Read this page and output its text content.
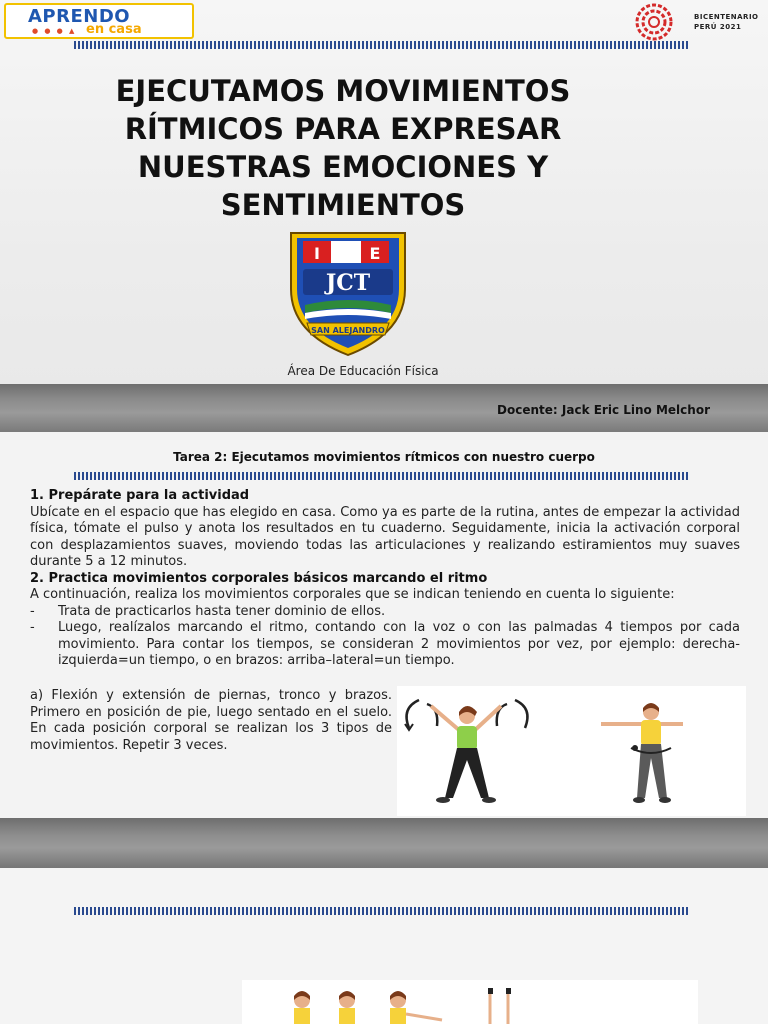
APRENDO
● ● ● ▲ en casa
BICENTENARIO
PERÚ 2021
EJECUTAMOS MOVIMIENTOS RÍTMICOS PARA EXPRESAR NUESTRAS EMOCIONES Y SENTIMIENTOS
I	E
JCT
SAN ALEJANDRO
Área De Educación Física
Docente: Jack Eric Lino Melchor
Tarea 2: Ejecutamos movimientos rítmicos con nuestro cuerpo

1. Prepárate para la actividad

Ubícate en el espacio que has elegido en casa. Como ya es parte de la rutina, antes de empezar la actividad física, tómate el pulso y anota los resultados en tu cuaderno. Seguidamente, inicia la activación corporal con desplazamientos suaves, moviendo todas las articulaciones y realizando estiramientos muy suaves durante 5 a 12 minutos.

2. Practica movimientos corporales básicos marcando el ritmo

A continuación, realiza los movimientos corporales que se indican teniendo en cuenta lo siguiente:

-	Trata de practicarlos hasta tener dominio de ellos.
-	Luego, realízalos marcando el ritmo, contando con la voz o con las palmadas 4 tiempos por cada movimiento. Para contar los tiempos, se consideran 2 movimientos por vez, por ejemplo: derecha- izquierda=un tiempo, o en brazos: arriba–lateral=un tiempo.
a) Flexión y extensión de piernas, tronco y brazos. Primero en posición de pie, luego sentado en el suelo. En cada posición corporal se realizan los 3 tipos de movimientos. Repetir 3 veces.
